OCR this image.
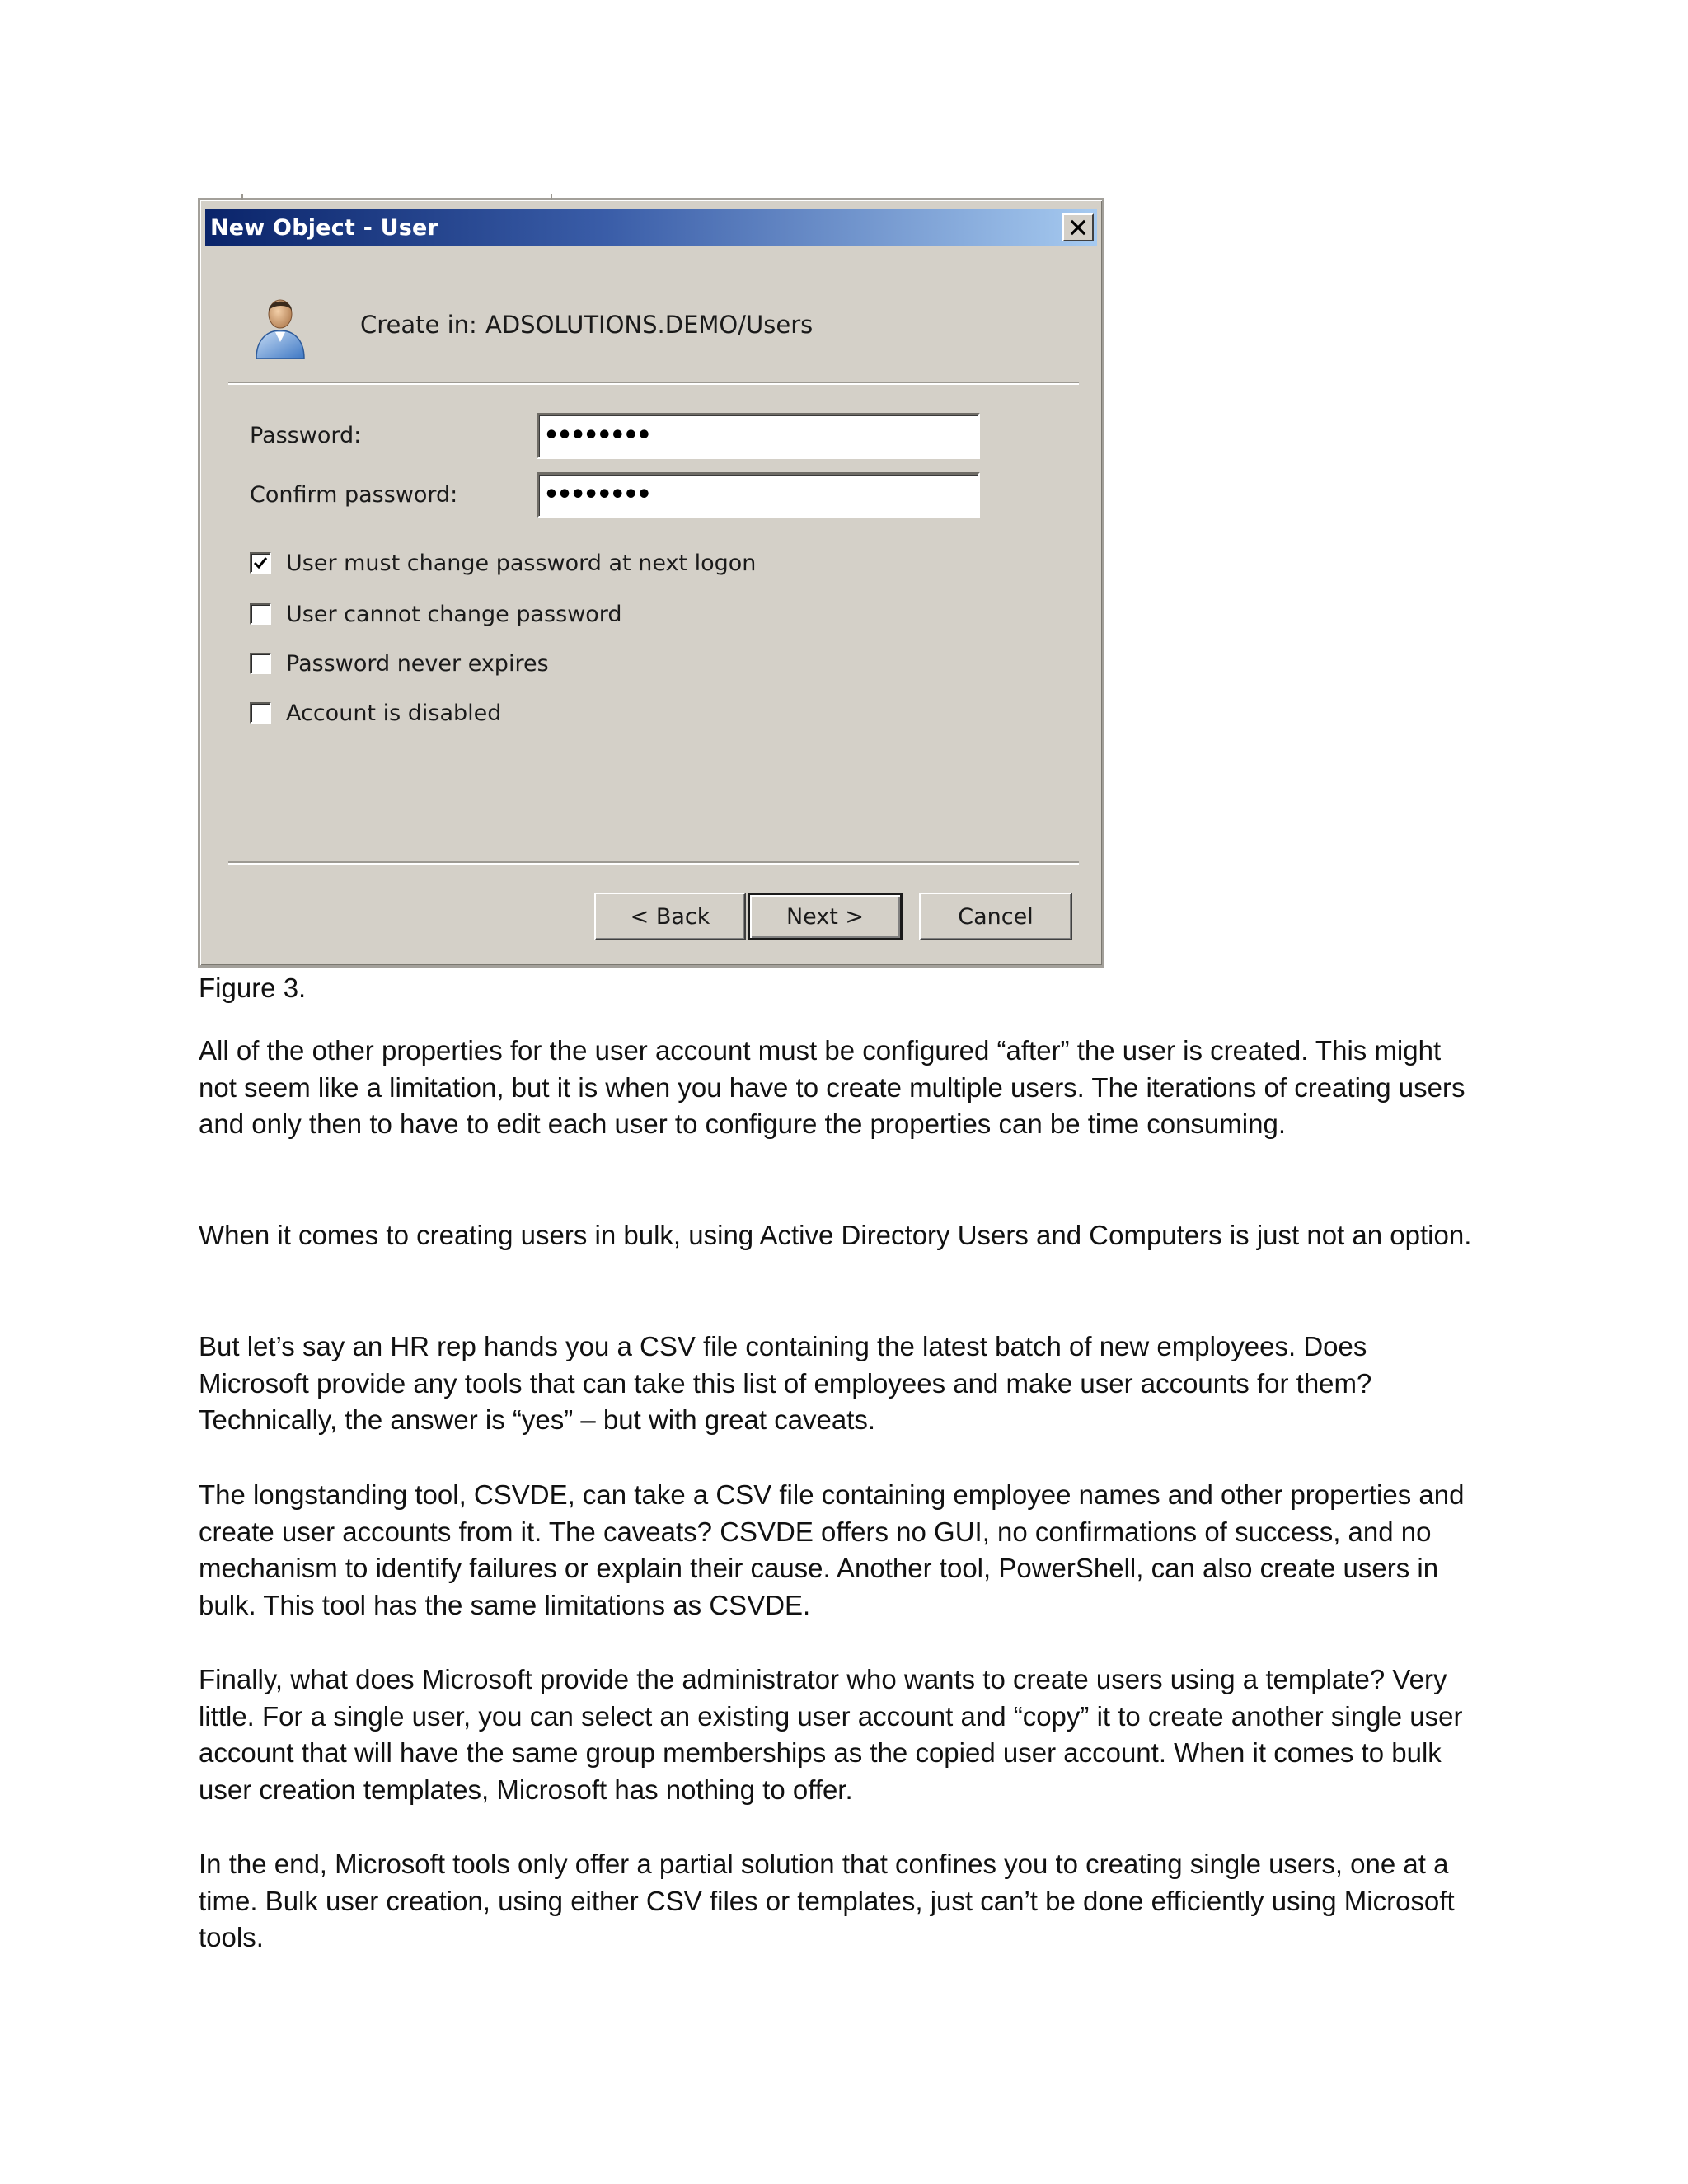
New Object - User
Create in: ADSOLUTIONS.DEMO/Users
Password:	••••••••
Confirm password:	••••••••
User must change password at next logon
User cannot change password
Password never expires
Account is disabled
< Back	Next >	Cancel
Figure 3.

All of the other properties for the user account must be configured “after” the user is created. This might not seem like a limitation, but it is when you have to create multiple users. The iterations of creating users and only then to have to edit each user to configure the properties can be time consuming.

When it comes to creating users in bulk, using Active Directory Users and Computers is just not an option.

But let’s say an HR rep hands you a CSV file containing the latest batch of new employees. Does Microsoft provide any tools that can take this list of employees and make user accounts for them? Technically, the answer is “yes” – but with great caveats.

The longstanding tool, CSVDE, can take a CSV file containing employee names and other properties and create user accounts from it. The caveats? CSVDE offers no GUI, no confirmations of success, and no mechanism to identify failures or explain their cause. Another tool, PowerShell, can also create users in bulk. This tool has the same limitations as CSVDE.

Finally, what does Microsoft provide the administrator who wants to create users using a template? Very little. For a single user, you can select an existing user account and “copy” it to create another single user account that will have the same group memberships as the copied user account. When it comes to bulk user creation templates, Microsoft has nothing to offer.

In the end, Microsoft tools only offer a partial solution that confines you to creating single users, one at a time. Bulk user creation, using either CSV files or templates, just can’t be done efficiently using Microsoft tools.
